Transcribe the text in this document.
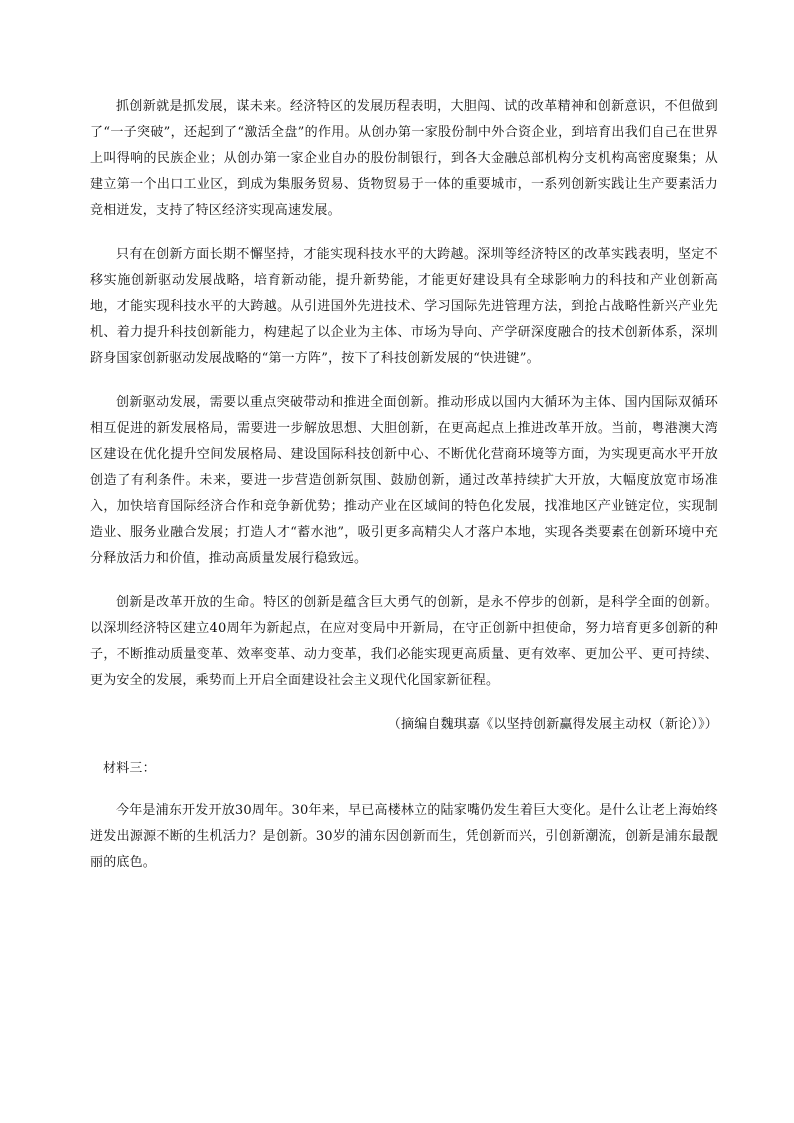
抓创新就是抓发展，谋未来。经济特区的发展历程表明，大胆闯、试的改革精神和创新意识，不但做到了“一子突破”，还起到了“激活全盘”的作用。从创办第一家股份制中外合资企业，到培育出我们自己在世界上叫得响的民族企业；从创办第一家企业自办的股份制银行，到各大金融总部机构分支机构高密度聚集；从建立第一个出口工业区，到成为集服务贸易、货物贸易于一体的重要城市，一系列创新实践让生产要素活力竞相迸发，支持了特区经济实现高速发展。

只有在创新方面长期不懈坚持，才能实现科技水平的大跨越。深圳等经济特区的改革实践表明，坚定不移实施创新驱动发展战略，培育新动能，提升新势能，才能更好建设具有全球影响力的科技和产业创新高地，才能实现科技水平的大跨越。从引进国外先进技术、学习国际先进管理方法，到抢占战略性新兴产业先机、着力提升科技创新能力，构建起了以企业为主体、市场为导向、产学研深度融合的技术创新体系，深圳跻身国家创新驱动发展战略的“第一方阵”，按下了科技创新发展的“快进键”。

创新驱动发展，需要以重点突破带动和推进全面创新。推动形成以国内大循环为主体、国内国际双循环相互促进的新发展格局，需要进一步解放思想、大胆创新，在更高起点上推进改革开放。当前，粤港澳大湾区建设在优化提升空间发展格局、建设国际科技创新中心、不断优化营商环境等方面，为实现更高水平开放创造了有利条件。未来，要进一步营造创新氛围、鼓励创新，通过改革持续扩大开放，大幅度放宽市场准入，加快培育国际经济合作和竞争新优势；推动产业在区域间的特色化发展，找准地区产业链定位，实现制造业、服务业融合发展；打造人才“蓄水池”，吸引更多高精尖人才落户本地，实现各类要素在创新环境中充分释放活力和价值，推动高质量发展行稳致远。

创新是改革开放的生命。特区的创新是蕴含巨大勇气的创新，是永不停步的创新，是科学全面的创新。以深圳经济特区建立40周年为新起点，在应对变局中开新局，在守正创新中担使命，努力培育更多创新的种子，不断推动质量变革、效率变革、动力变革，我们必能实现更高质量、更有效率、更加公平、更可持续、更为安全的发展，乘势而上开启全面建设社会主义现代化国家新征程。

（摘编自魏琪嘉《以坚持创新赢得发展主动权（新论）》）

材料三：

今年是浦东开发开放30周年。30年来，早已高楼林立的陆家嘴仍发生着巨大变化。是什么让老上海始终迸发出源源不断的生机活力？是创新。30岁的浦东因创新而生，凭创新而兴，引创新潮流，创新是浦东最靓丽的底色。
